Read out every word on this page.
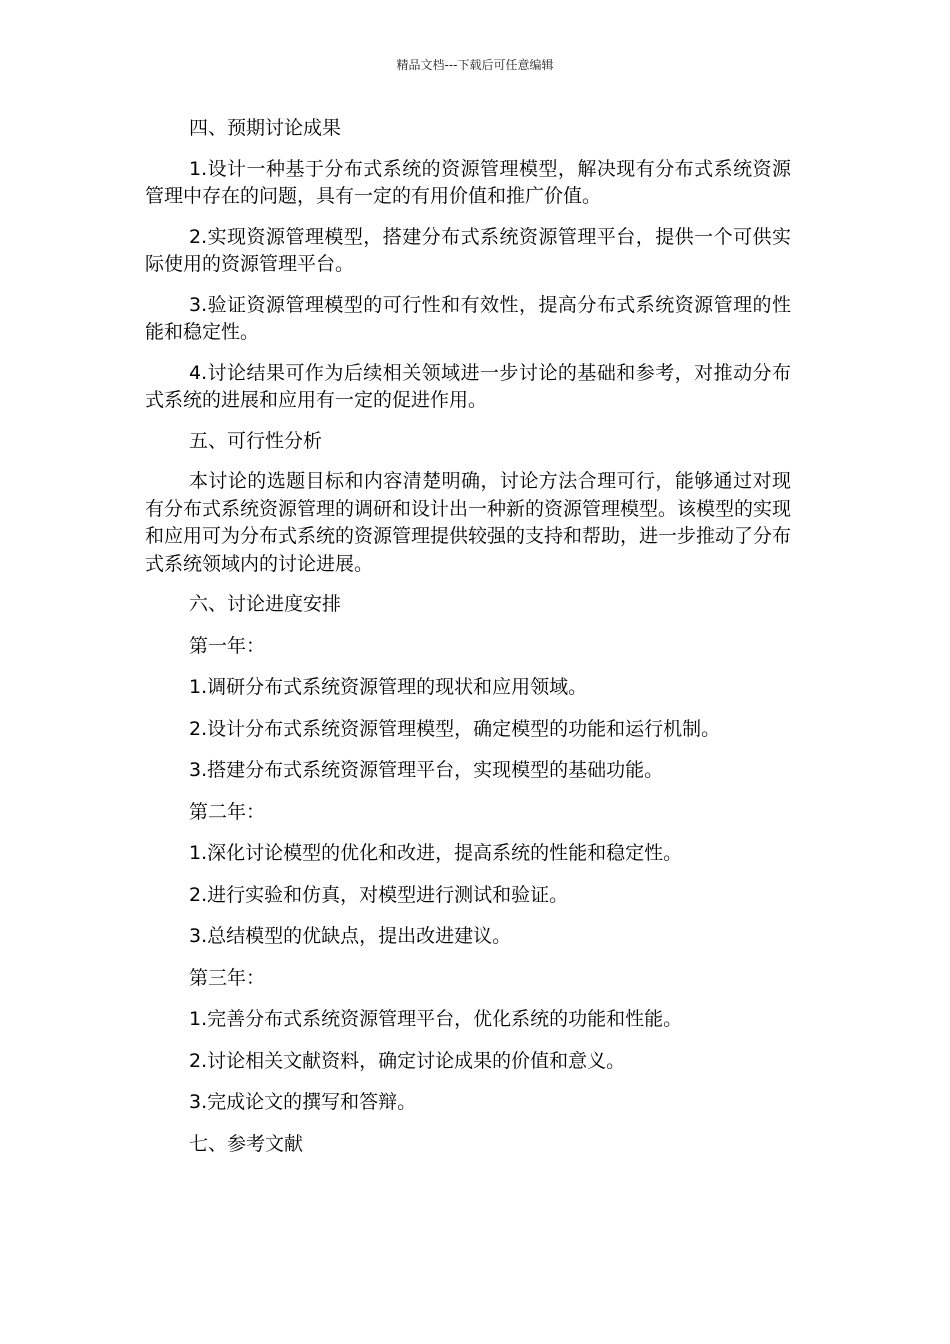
精品文档---下载后可任意编辑

四、预期讨论成果

1.设计一种基于分布式系统的资源管理模型，解决现有分布式系统资源管理中存在的问题，具有一定的有用价值和推广价值。

2.实现资源管理模型，搭建分布式系统资源管理平台，提供一个可供实际使用的资源管理平台。

3.验证资源管理模型的可行性和有效性，提高分布式系统资源管理的性能和稳定性。

4.讨论结果可作为后续相关领域进一步讨论的基础和参考，对推动分布式系统的进展和应用有一定的促进作用。

五、可行性分析

本讨论的选题目标和内容清楚明确，讨论方法合理可行，能够通过对现有分布式系统资源管理的调研和设计出一种新的资源管理模型。该模型的实现和应用可为分布式系统的资源管理提供较强的支持和帮助，进一步推动了分布式系统领域内的讨论进展。

六、讨论进度安排

第一年：

1.调研分布式系统资源管理的现状和应用领域。

2.设计分布式系统资源管理模型，确定模型的功能和运行机制。

3.搭建分布式系统资源管理平台，实现模型的基础功能。

第二年：

1.深化讨论模型的优化和改进，提高系统的性能和稳定性。

2.进行实验和仿真，对模型进行测试和验证。

3.总结模型的优缺点，提出改进建议。

第三年：

1.完善分布式系统资源管理平台，优化系统的功能和性能。

2.讨论相关文献资料，确定讨论成果的价值和意义。

3.完成论文的撰写和答辩。

七、参考文献
